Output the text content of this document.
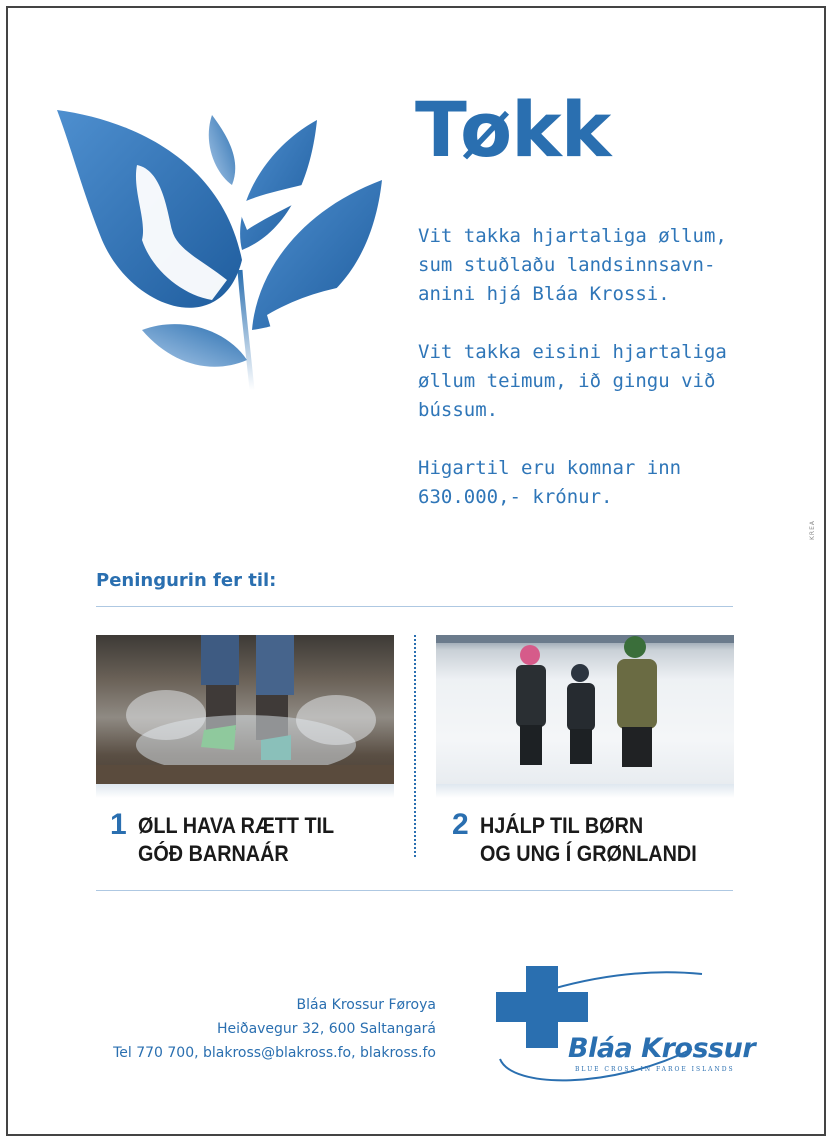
Tøkk

Vit takka hjartaliga øllum,
sum stuðlaðu landsinnsavn-
anini hjá Bláa Krossi.

Vit takka eisini hjartaliga
øllum teimum, ið gingu við
bússum.

Higartil eru komnar inn
630.000,- krónur.

KREA
Peningurin fer til:
1 ØLL HAVA RÆTT TIL
GÓÐ BARNAÁR
2 HJÁLP TIL BØRN
OG UNG Í GRØNLANDI
Bláa Krossur Føroya
Heiðavegur 32, 600 Saltangará
Tel 770 700, blakross@blakross.fo, blakross.fo	Bláa Krossur
BLUE CROSS IN FAROE ISLANDS
